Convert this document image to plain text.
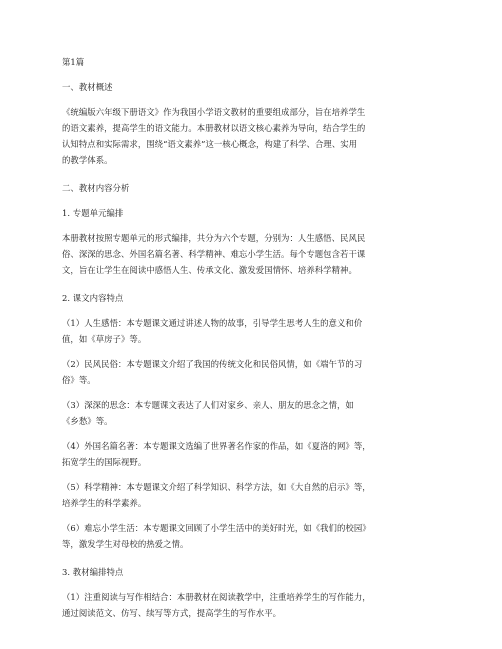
第1篇

一、教材概述

《统编版六年级下册语文》作为我国小学语文教材的重要组成部分，旨在培养学生

的语文素养，提高学生的语文能力。本册教材以语文核心素养为导向，结合学生的

认知特点和实际需求，围绕“语文素养”这一核心概念，构建了科学、合理、实用

的教学体系。

二、教材内容分析

1. 专题单元编排

本册教材按照专题单元的形式编排，共分为六个专题，分别为：人生感悟、民风民

俗、深深的思念、外国名篇名著、科学精神、难忘小学生活。每个专题包含若干课

文，旨在让学生在阅读中感悟人生、传承文化、激发爱国情怀、培养科学精神。

2. 课文内容特点

（1）人生感悟：本专题课文通过讲述人物的故事，引导学生思考人生的意义和价

值，如《草房子》等。

（2）民风民俗：本专题课文介绍了我国的传统文化和民俗风情，如《端午节的习

俗》等。

（3）深深的思念：本专题课文表达了人们对家乡、亲人、朋友的思念之情，如

《乡愁》等。

（4）外国名篇名著：本专题课文选编了世界著名作家的作品，如《夏洛的网》等，

拓宽学生的国际视野。

（5）科学精神：本专题课文介绍了科学知识、科学方法，如《大自然的启示》等，

培养学生的科学素养。

（6）难忘小学生活：本专题课文回顾了小学生活中的美好时光，如《我们的校园》

等，激发学生对母校的热爱之情。

3. 教材编排特点

（1）注重阅读与写作相结合：本册教材在阅读教学中，注重培养学生的写作能力，

通过阅读范文、仿写、续写等方式，提高学生的写作水平。
